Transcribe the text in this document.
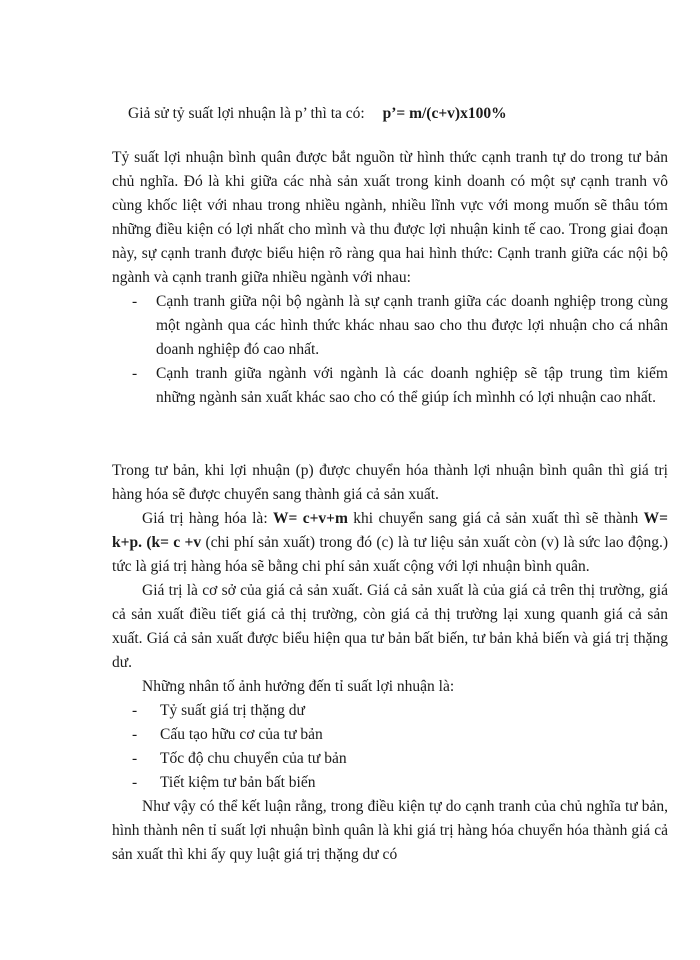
Giả sử tỷ suất lợi nhuận là p’ thì ta có: p’= m/(c+v)x100%
Tỷ suất lợi nhuận bình quân được bắt nguồn từ hình thức cạnh tranh tự do trong tư bản chủ nghĩa. Đó là khi giữa các nhà sản xuất trong kinh doanh có một sự cạnh tranh vô cùng khốc liệt với nhau trong nhiều ngành, nhiều lĩnh vực với mong muốn sẽ thâu tóm những điều kiện có lợi nhất cho mình và thu được lợi nhuận kinh tế cao. Trong giai đoạn này, sự cạnh tranh được biểu hiện rõ ràng qua hai hình thức: Cạnh tranh giữa các nội bộ ngành và cạnh tranh giữa nhiều ngành với nhau:
- Cạnh tranh giữa nội bộ ngành là sự cạnh tranh giữa các doanh nghiệp trong cùng một ngành qua các hình thức khác nhau sao cho thu được lợi nhuận cho cá nhân doanh nghiệp đó cao nhất.
- Cạnh tranh giữa ngành với ngành là các doanh nghiệp sẽ tập trung tìm kiếm những ngành sản xuất khác sao cho có thể giúp ích mìnhh có lợi nhuận cao nhất.
Trong tư bản, khi lợi nhuận (p) được chuyển hóa thành lợi nhuận bình quân thì giá trị hàng hóa sẽ được chuyển sang thành giá cả sản xuất.
Giá trị hàng hóa là: W= c+v+m khi chuyển sang giá cả sản xuất thì sẽ thành W= k+p. (k= c +v (chi phí sản xuất) trong đó (c) là tư liệu sản xuất còn (v) là sức lao động.) tức là giá trị hàng hóa sẽ bằng chi phí sản xuất cộng với lợi nhuận bình quân.
Giá trị là cơ sở của giá cả sản xuất. Giá cả sản xuất là của giá cả trên thị trường, giá cả sản xuất điều tiết giá cả thị trường, còn giá cả thị trường lại xung quanh giá cả sản xuất. Giá cả sản xuất được biểu hiện qua tư bản bất biến, tư bản khả biến và giá trị thặng dư.
Những nhân tố ảnh hưởng đến tỉ suất lợi nhuận là:
- Tỷ suất giá trị thặng dư
- Cấu tạo hữu cơ của tư bản
- Tốc độ chu chuyển của tư bản
- Tiết kiệm tư bản bất biến
Như vậy có thể kết luận rằng, trong điều kiện tự do cạnh tranh của chủ nghĩa tư bản, hình thành nên tỉ suất lợi nhuận bình quân là khi giá trị hàng hóa chuyển hóa thành giá cả sản xuất thì khi ấy quy luật giá trị thặng dư có
